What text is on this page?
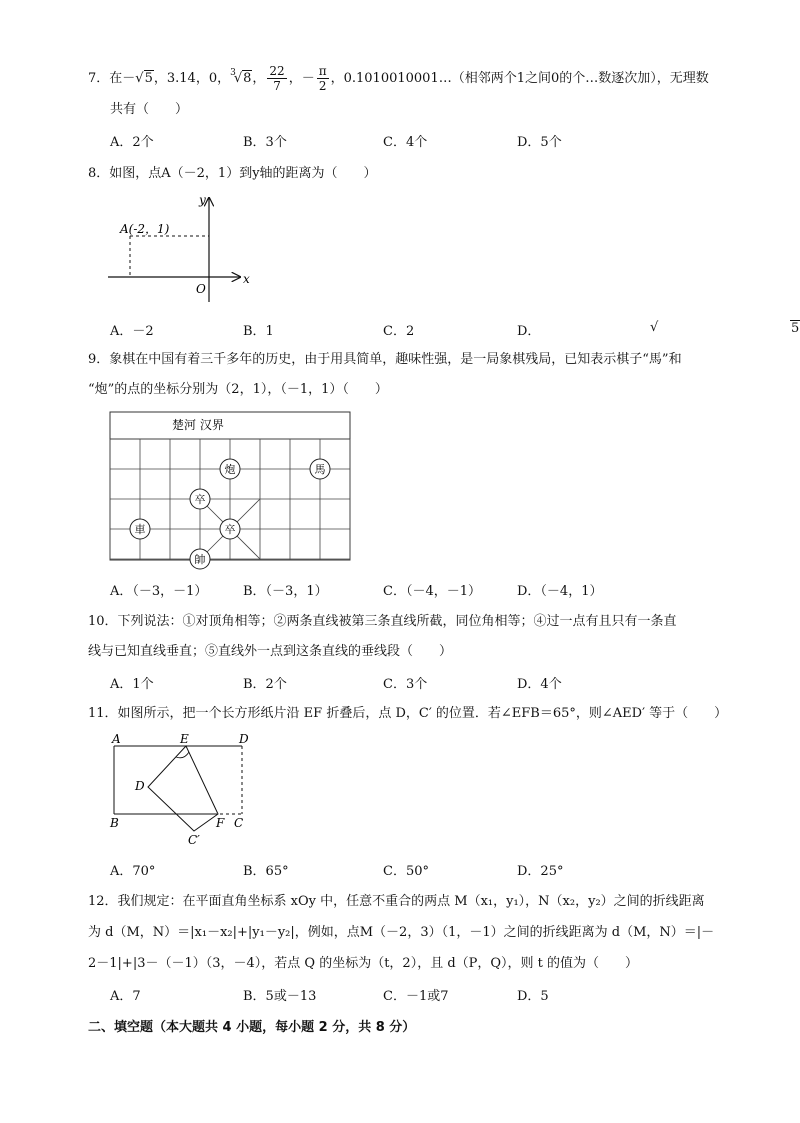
7．在－√5，3.14，0，$^3$√8， $\frac{22}{7}$ ，－ $\frac{\pi}{2}$ ，0.1010010001…（相邻两个1之间0的个…数逐次加），无理数
共有（　　）
A．2个	B．3个	C．4个	D．5个
8．如图，点A（－2，1）到y轴的距离为（　　）
A(-2，1)
x
y
O
A．－2	B．1	C．2	D．	√	5
9．象棋在中国有着三千多年的历史，由于用具简单，趣味性强，是一局象棋残局，已知表示棋子“馬”和
“炮”的点的坐标分别为（2，1），（－1，1）（　　）
楚河 汉界
炮	馬
卒
車	卒
帥
A．（－3，－1）	B．（－3，1）	C．（－4，－1）	D．（－4，1）
10．下列说法：①对顶角相等；②两条直线被第三条直线所截，同位角相等；④过一点有且只有一条直
线与已知直线垂直；⑤直线外一点到这条直线的垂线段（　　）
A．1个	B．2个	C．3个	D．4个
11．如图所示，把一个长方形纸片沿 EF 折叠后，点 D，C′ 的位置．若∠EFB＝65°，则∠AED′ 等于（　　）
A	E	D
D
B	F C
C′
A．70°	B．65°	C．50°	D．25°
12．我们规定：在平面直角坐标系 xOy 中，任意不重合的两点 M（x₁，y₁），N（x₂，y₂）之间的折线距离
为 d（M，N）＝|x₁－x₂|+|y₁－y₂|，例如，点M（－2，3）（1，－1）之间的折线距离为 d（M，N）＝|－
2－1|+|3－（－1）（3，－4），若点 Q 的坐标为（t，2），且 d（P，Q），则 t 的值为（　　）
A．7	B．5或－13	C．－1或7	D．5
二、填空题（本大题共 4 小题，每小题 2 分，共 8 分）
